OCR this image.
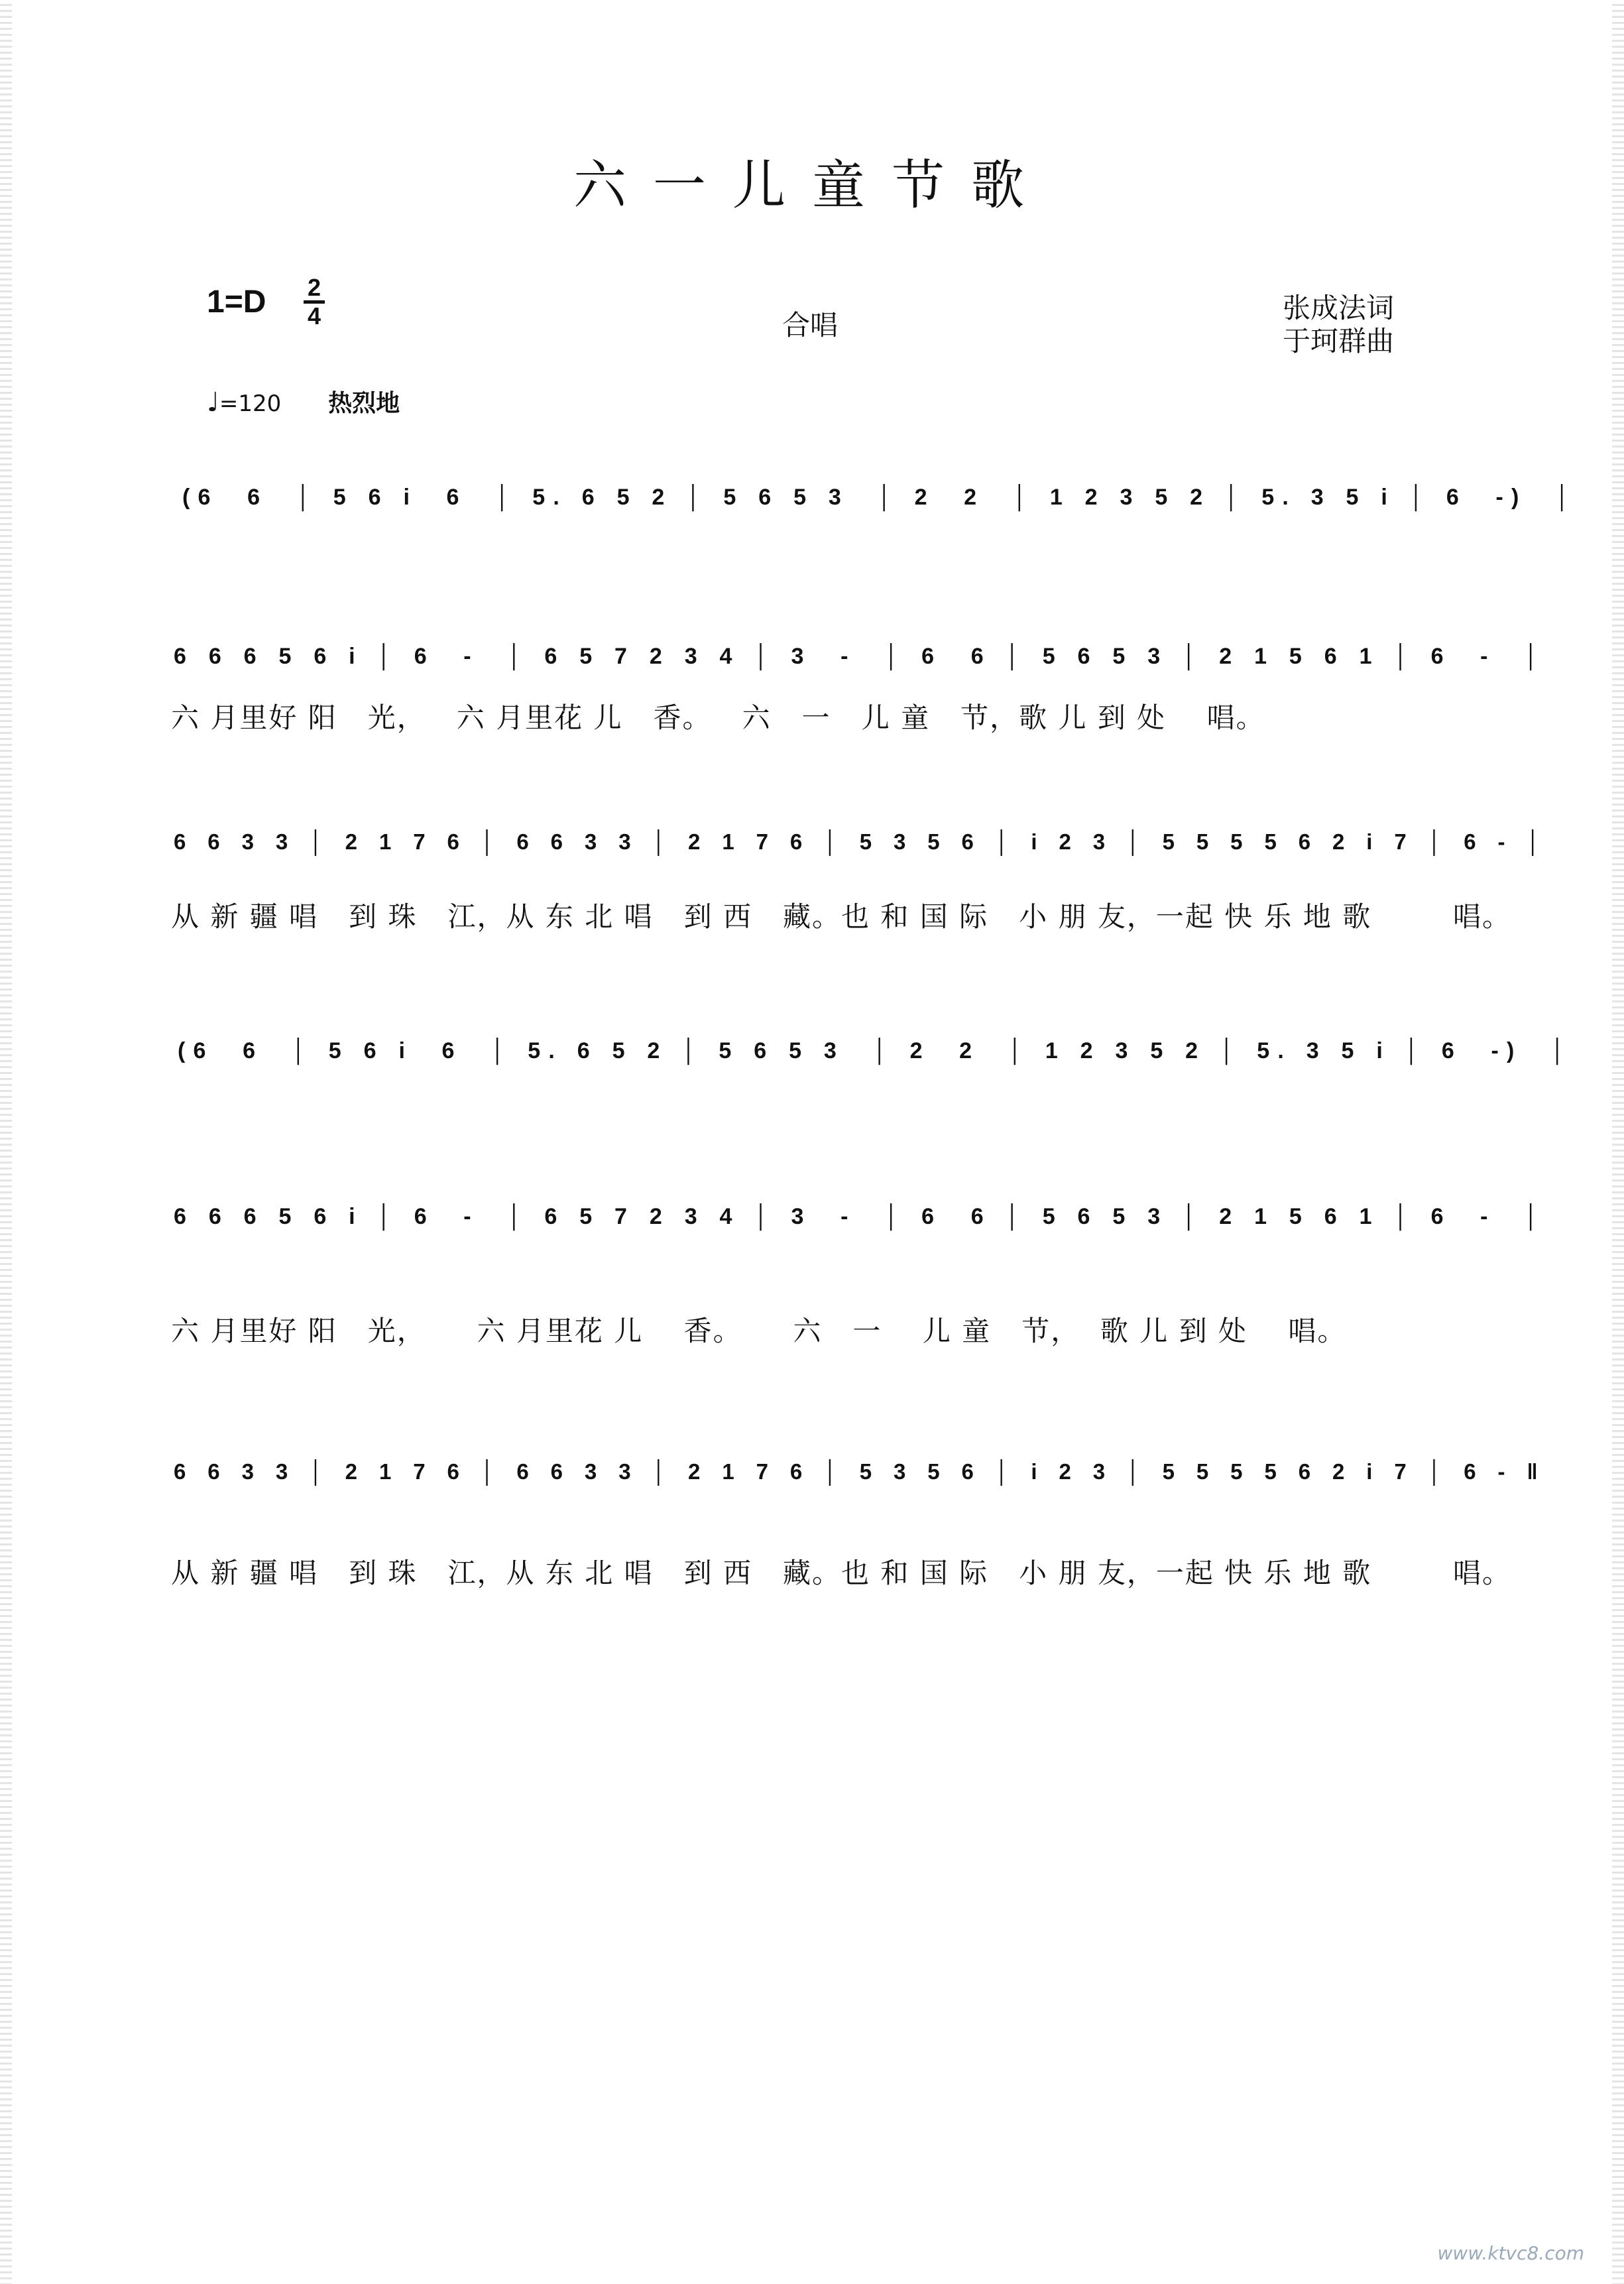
六一儿童节歌
1=D 2
4	合唱
张成法词
于珂群曲
♩=120 热烈地
(6  6  │ 5 6 i  6  │ 5. 6 5 2 │ 5 6 5 3  │ 2  2  │ 1 2 3 5 2 │ 5. 3 5 i │ 6  -)  │
6 6 6 5 6 i │ 6  -  │ 6 5 7 2 3 4 │ 3  -  │ 6  6 │ 5 6 5 3 │ 2 1 5 6 1 │ 6  -  │
六 月里好 阳   光，   六 月里花 儿   香。   六   一   儿 童   节，歌 儿 到 处    唱。
6 6 3 3 │ 2 1 7 6 │ 6 6 3 3 │ 2 1 7 6 │ 5 3 5 6 │ i 2 3 │ 5 5 5 5 6 2 i 7 │ 6 - │
从 新 疆 唱   到 珠   江，从 东 北 唱   到 西   藏。也 和 国 际   小 朋 友，一起 快 乐 地 歌        唱。
(6  6  │ 5 6 i  6  │ 5. 6 5 2 │ 5 6 5 3  │ 2  2  │ 1 2 3 5 2 │ 5. 3 5 i │ 6  -)  │
6 6 6 5 6 i │ 6  -  │ 6 5 7 2 3 4 │ 3  -  │ 6  6 │ 5 6 5 3 │ 2 1 5 6 1 │ 6  -  │
六 月里好 阳   光，     六 月里花 儿    香。     六   一    儿 童   节，  歌 儿 到 处    唱。
6 6 3 3 │ 2 1 7 6 │ 6 6 3 3 │ 2 1 7 6 │ 5 3 5 6 │ i 2 3 │ 5 5 5 5 6 2 i 7 │ 6 - ‖
从 新 疆 唱   到 珠   江，从 东 北 唱   到 西   藏。也 和 国 际   小 朋 友，一起 快 乐 地 歌        唱。
www.ktvc8.com
